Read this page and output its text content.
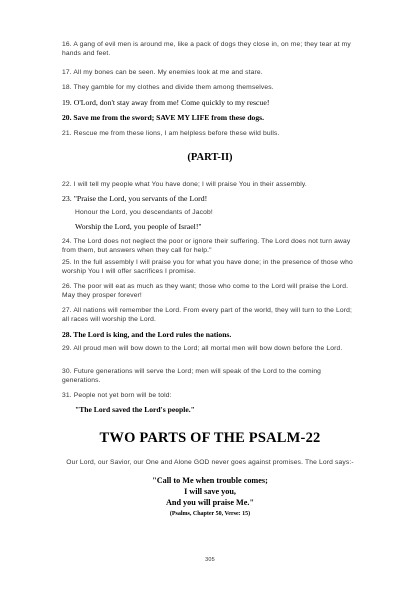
16. A gang of evil men is around me, like a pack of dogs they close in, on me; they tear at my hands and feet.
17. All my bones can be seen. My enemies look at me and stare.
18. They gamble for my clothes and divide them among themselves.
19. O'Lord, don't stay away from me! Come quickly to my rescue!
20. Save me from the sword; SAVE MY LIFE from these dogs.
21. Rescue me from these lions, I am helpless before these wild bulls.
(PART-II)
22. I will tell my people what You have done; I will praise You in their assembly.
23. "Praise the Lord, you servants of the Lord!
Honour the Lord, you descendants of Jacob!
Worship the Lord, you people of Israel!"
24. The Lord does not neglect the poor or ignore their suffering. The Lord does not turn away from them, but answers when they call for help."
25. In the full assembly I will praise you for what you have done; in the presence of those who worship You I will offer sacrifices I promise.
26. The poor will eat as much as they want; those who come to the Lord will praise the Lord. May they prosper forever!
27. All nations will remember the Lord. From every part of the world, they will turn to the Lord; all races will worship the Lord.
28. The Lord is king, and the Lord rules the nations.
29. All proud men will bow down to the Lord; all mortal men will bow down before the Lord.
30. Future generations will serve the Lord; men will speak of the Lord to the coming generations.
31. People not yet born will be told:
"The Lord saved the Lord's people."
TWO PARTS OF THE PSALM-22
Our Lord, our Savior, our One and Alone GOD never goes against promises. The Lord says:-
"Call to Me when trouble comes;
I will save you,
And you will praise Me."
(Psalms, Chapter 50, Verse: 15)
305
